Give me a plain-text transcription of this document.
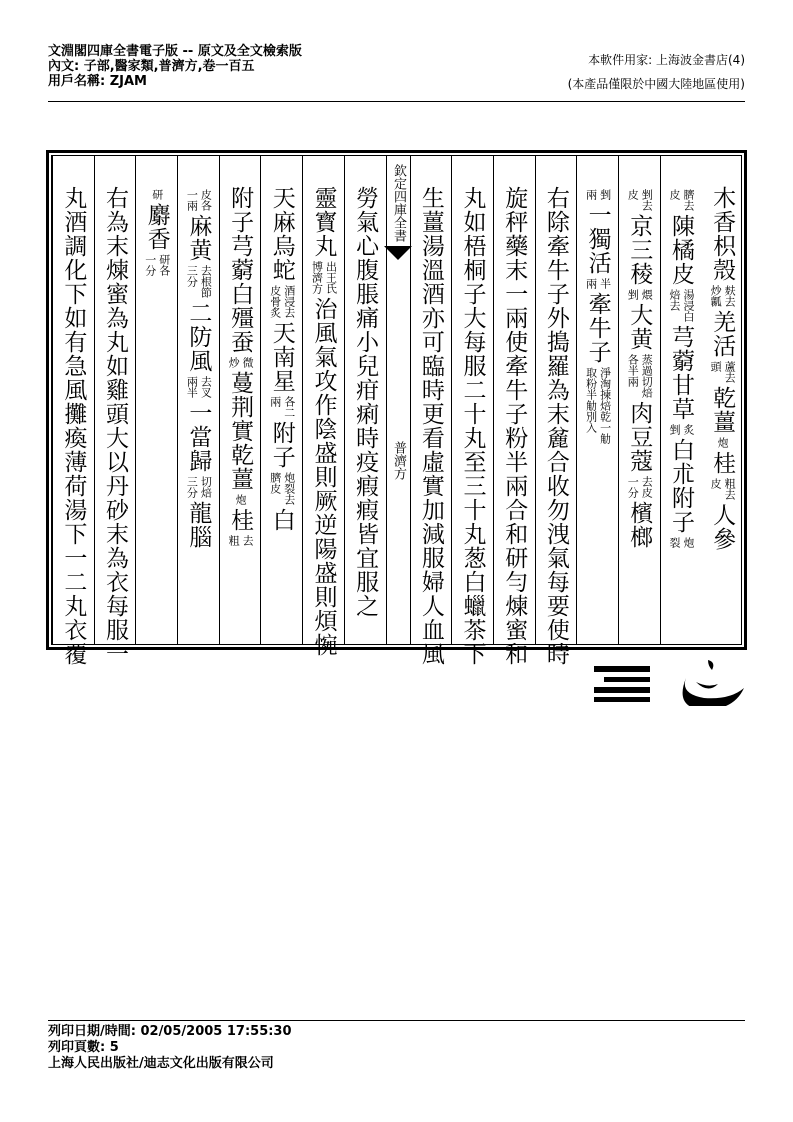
文淵閣四庫全書電子版 -- 原文及全文檢索版
內文: 子部,醫家類,普濟方,卷一百五
用戶名稱: ZJAM
本軟件用家: 上海波金書店(4)
(本產品僅限於中國大陸地區使用)
木香
枳殼
麸去
炒瓤
羌活
蘆去
頭
乾薑
炮
桂
粗去
皮
人參
臍去
皮
陳橘皮
湯浸白
焙去
芎藭
甘草
炙
剉
白朮
附子
炮
裂
剉去
皮
京三稜
煨
剉
大黄
蒸過切焙
各半兩
肉豆蔻
去皮
一分
檳榔
剉
兩
一
獨活
半
兩
牽牛子
淨淘揀焙乾一觔
取粉半觔別入
右除牽牛子外搗羅為末麄合收勿洩氣每要使時
旋秤藥末一兩使牽牛子粉半兩合和研勻煉蜜和
丸如梧桐子大每服二十丸至三十丸葱白蠟茶下
生薑湯溫酒亦可臨時更看虛實加減服婦人血風
欽定四庫全書
普濟方
勞氣心腹脹痛小兒疳痢時疫瘕瘕皆宜服之
靈寳丸
出王氏
博濟方
治風氣攻作陰盛則厥逆陽盛則煩惋
天麻
烏蛇
酒浸去
皮骨炙
天南星
各二
兩
附子
炮裂去
臍皮
白
附子
芎藭
白殭蚕
微
炒
蔓荆實
乾薑
炮
桂
去
粗
皮各
一兩
麻黄
去根節
三分
二
防風
去叉
兩半
一
當歸
切焙
三分
龍腦
研
麝香
研各
一分
右為末煉蜜為丸如雞頭大以丹砂末為衣每服一
丸酒調化下如有急風攤瘓薄荷湯下一二丸衣覆
列印日期/時間: 02/05/2005 17:55:30
列印頁數: 5
上海人民出版社/迪志文化出版有限公司
